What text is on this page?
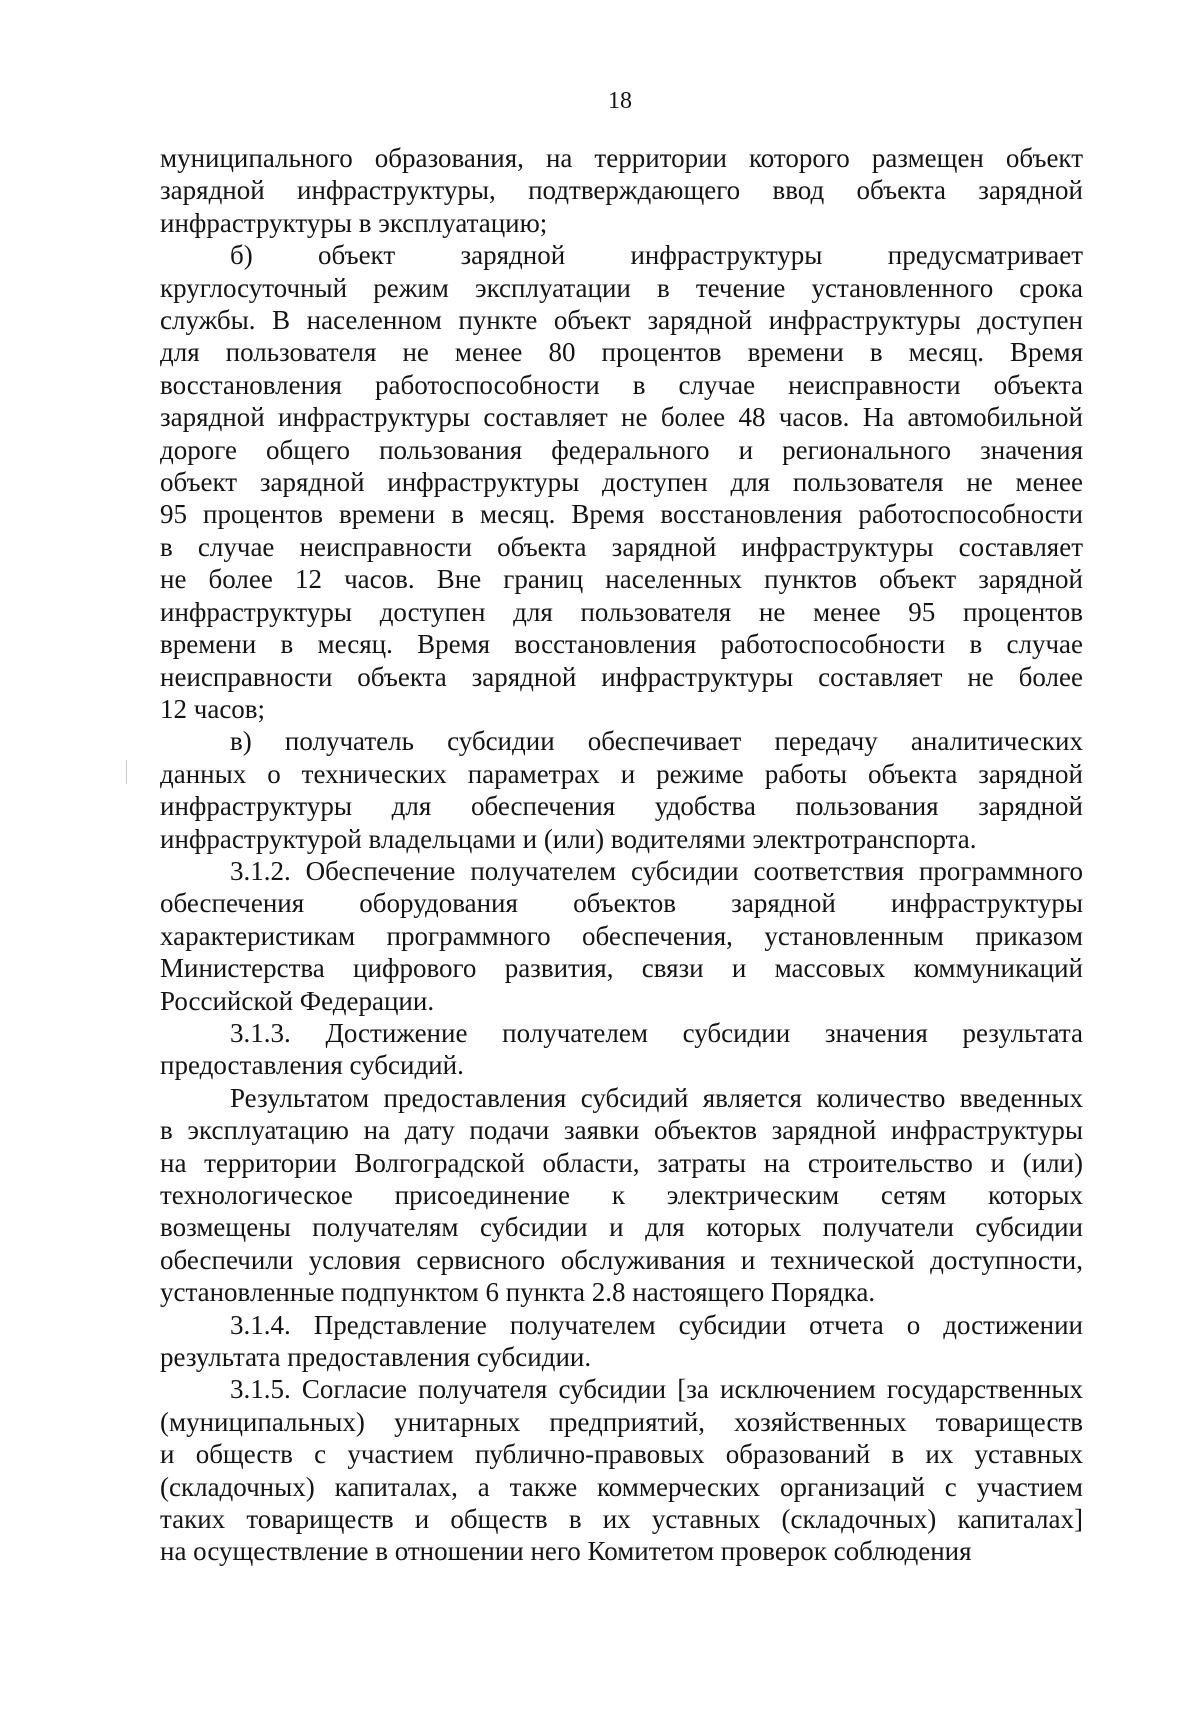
18
муниципального образования, на территории которого размещен объект
зарядной инфраструктуры, подтверждающего ввод объекта зарядной
инфраструктуры в эксплуатацию;
б) объект зарядной инфраструктуры предусматривает
круглосуточный режим эксплуатации в течение установленного срока
службы. В населенном пункте объект зарядной инфраструктуры доступен
для пользователя не менее 80 процентов времени в месяц. Время
восстановления работоспособности в случае неисправности объекта
зарядной инфраструктуры составляет не более 48 часов. На автомобильной
дороге общего пользования федерального и регионального значения
объект зарядной инфраструктуры доступен для пользователя не менее
95 процентов времени в месяц. Время восстановления работоспособности
в случае неисправности объекта зарядной инфраструктуры составляет
не более 12 часов. Вне границ населенных пунктов объект зарядной
инфраструктуры доступен для пользователя не менее 95 процентов
времени в месяц. Время восстановления работоспособности в случае
неисправности объекта зарядной инфраструктуры составляет не более
12 часов;
в) получатель субсидии обеспечивает передачу аналитических
данных о технических параметрах и режиме работы объекта зарядной
инфраструктуры для обеспечения удобства пользования зарядной
инфраструктурой владельцами и (или) водителями электротранспорта.
3.1.2. Обеспечение получателем субсидии соответствия программного
обеспечения оборудования объектов зарядной инфраструктуры
характеристикам программного обеспечения, установленным приказом
Министерства цифрового развития, связи и массовых коммуникаций
Российской Федерации.
3.1.3. Достижение получателем субсидии значения результата
предоставления субсидий.
Результатом предоставления субсидий является количество введенных
в эксплуатацию на дату подачи заявки объектов зарядной инфраструктуры
на территории Волгоградской области, затраты на строительство и (или)
технологическое присоединение к электрическим сетям которых
возмещены получателям субсидии и для которых получатели субсидии
обеспечили условия сервисного обслуживания и технической доступности,
установленные подпунктом 6 пункта 2.8 настоящего Порядка.
3.1.4. Представление получателем субсидии отчета о достижении
результата предоставления субсидии.
3.1.5. Согласие получателя субсидии [за исключением государственных
(муниципальных) унитарных предприятий, хозяйственных товариществ
и обществ с участием публично-правовых образований в их уставных
(складочных) капиталах, а также коммерческих организаций с участием
таких товариществ и обществ в их уставных (складочных) капиталах]
на осуществление в отношении него Комитетом проверок соблюдения
